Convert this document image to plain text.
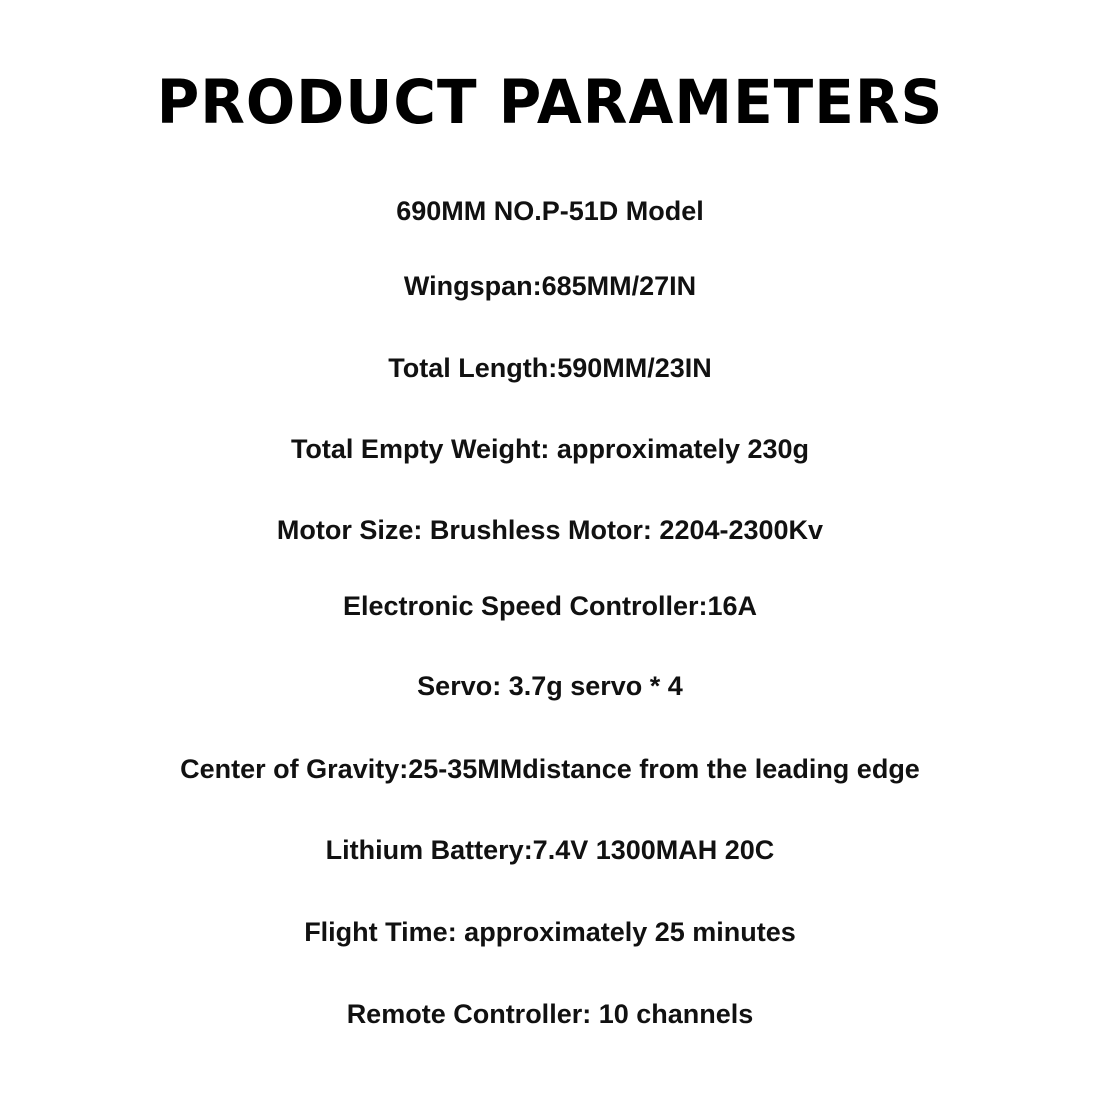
PRODUCT PARAMETERS
690MM NO.P-51D Model
Wingspan:685MM/27IN
Total Length:590MM/23IN
Total Empty Weight: approximately 230g
Motor Size: Brushless Motor: 2204-2300Kv
Electronic Speed Controller:16A
Servo: 3.7g servo * 4
Center of Gravity:25-35MMdistance from the leading edge
Lithium Battery:7.4V 1300MAH 20C
Flight Time: approximately 25 minutes
Remote Controller: 10 channels
